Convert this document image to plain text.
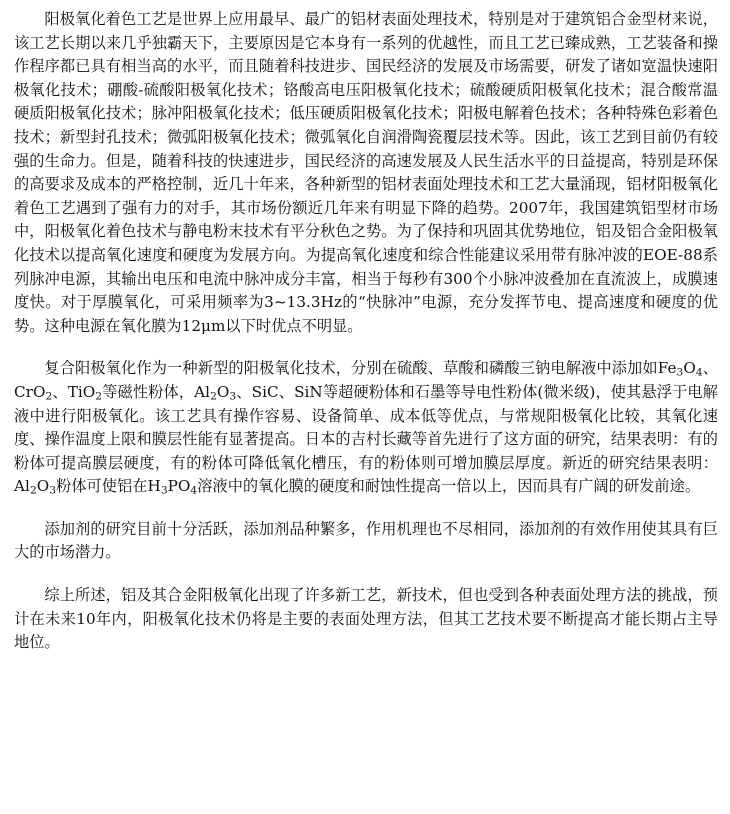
阳极氧化着色工艺是世界上应用最早、最广的铝材表面处理技术，特别是对于建筑铝合金型材来说，该工艺长期以来几乎独霸天下，主要原因是它本身有一系列的优越性，而且工艺已臻成熟，工艺装备和操作程序都已具有相当高的水平，而且随着科技进步、国民经济的发展及市场需要，研发了诸如宽温快速阳极氧化技术；硼酸-硫酸阳极氧化技术；铬酸高电压阳极氧化技术；硫酸硬质阳极氧化技术；混合酸常温硬质阳极氧化技术；脉冲阳极氧化技术；低压硬质阳极氧化技术；阳极电解着色技术；各种特殊色彩着色技术；新型封孔技术；微弧阳极氧化技术；微弧氧化自润滑陶瓷覆层技术等。因此，该工艺到目前仍有较强的生命力。但是，随着科技的快速进步，国民经济的高速发展及人民生活水平的日益提高，特别是环保的高要求及成本的严格控制，近几十年来，各种新型的铝材表面处理技术和工艺大量涌现，铝材阳极氧化着色工艺遇到了强有力的对手，其市场份额近几年来有明显下降的趋势。2007年，我国建筑铝型材市场中，阳极氧化着色技术与静电粉末技术有平分秋色之势。为了保持和巩固其优势地位，铝及铝合金阳极氧化技术以提高氧化速度和硬度为发展方向。为提高氧化速度和综合性能建议采用带有脉冲波的EOE-88系列脉冲电源，其输出电压和电流中脉冲成分丰富，相当于每秒有300个小脉冲波叠加在直流波上，成膜速度快。对于厚膜氧化，可采用频率为3~13.3Hz的“快脉冲”电源，充分发挥节电、提高速度和硬度的优势。这种电源在氧化膜为12μm以下时优点不明显。

复合阳极氧化作为一种新型的阳极氧化技术，分别在硫酸、草酸和磷酸三钠电解液中添加如$Fe_3O_4$、CrO$_2$、TiO$_2$等磁性粉体，$Al_2O_3$、SiC、SiN等超硬粉体和石墨等导电性粉体(微米级)，使其悬浮于电解液中进行阳极氧化。该工艺具有操作容易、设备简单、成本低等优点，与常规阳极氧化比较，其氧化速度、操作温度上限和膜层性能有显著提高。日本的吉村长藏等首先进行了这方面的研究，结果表明：有的粉体可提高膜层硬度，有的粉体可降低氧化槽压，有的粉体则可增加膜层厚度。新近的研究结果表明：$Al_2O_3$粉体可使铝在$H_3PO_4$溶液中的氧化膜的硬度和耐蚀性提高一倍以上，因而具有广阔的研发前途。

添加剂的研究目前十分活跃，添加剂品种繁多，作用机理也不尽相同，添加剂的有效作用使其具有巨大的市场潜力。

综上所述，铝及其合金阳极氧化出现了许多新工艺，新技术，但也受到各种表面处理方法的挑战，预计在未来10年内，阳极氧化技术仍将是主要的表面处理方法，但其工艺技术要不断提高才能长期占主导地位。
